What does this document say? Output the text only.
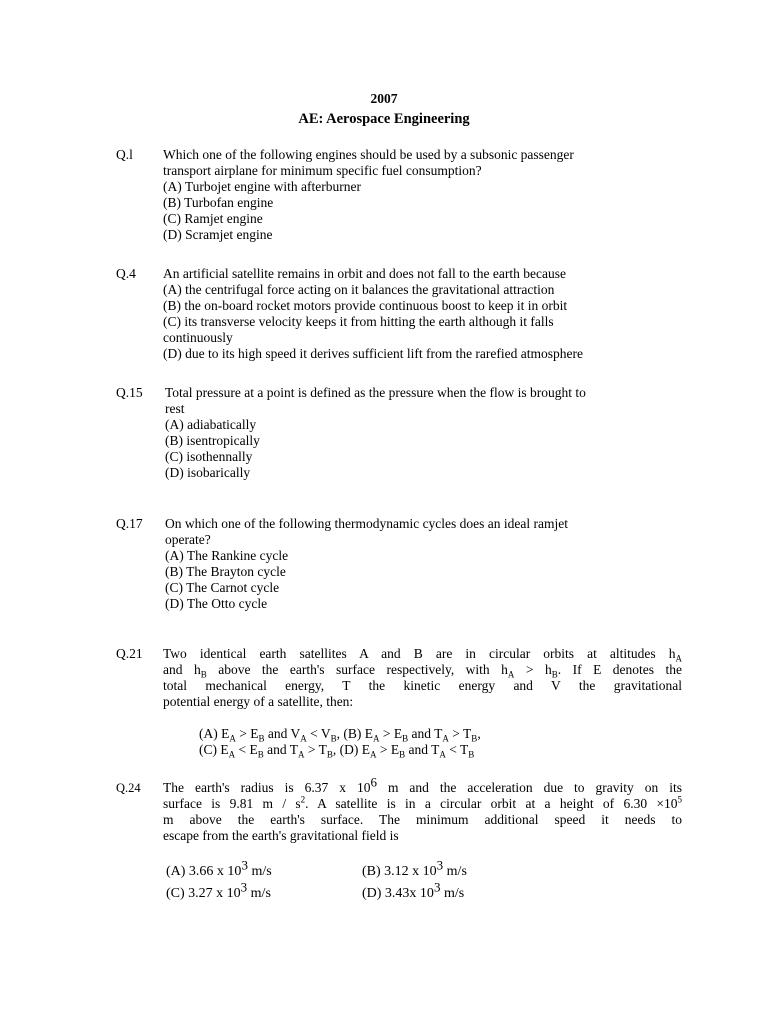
2007
AE: Aerospace Engineering
Q.l Which one of the following engines should be used by a subsonic passenger
transport airplane for minimum specific fuel consumption?
(A) Turbojet engine with afterburner
(B) Turbofan engine
(C) Ramjet engine
(D) Scramjet engine
Q.4 An artificial satellite remains in orbit and does not fall to the earth because
(A) the centrifugal force acting on it balances the gravitational attraction
(B) the on-board rocket motors provide continuous boost to keep it in orbit
(C) its transverse velocity keeps it from hitting the earth although it falls
continuously
(D) due to its high speed it derives sufficient lift from the rarefied atmosphere
Q.15 Total pressure at a point is defined as the pressure when the flow is brought to
rest
(A) adiabatically
(B) isentropically
(C) isothennally
(D) isobarically
Q.17 On which one of the following thermodynamic cycles does an ideal ramjet
operate?
(A) The Rankine cycle
(B) The Brayton cycle
(C) The Carnot cycle
(D) The Otto cycle
Q.21 Two identical earth satellites A and B are in circular orbits at altitudes $h_A$
and $h_B$ above the earth's surface respectively, with $h_A > h_B$. If E denotes the
total mechanical energy, T the kinetic energy and V the gravitational
potential energy of a satellite, then:
(A) $E_A > E_B$ and $V_A < V_B$, (B) $E_A > E_B$ and $T_A > T_B$,
(C) $E_A < E_B$ and $T_A > T_B$, (D) $E_A > E_B$ and $T_A < T_B$
Q.24 The earth's radius is 6.37 x $10^6$ m and the acceleration due to gravity on its
surface is 9.81 m / $s^2$. A satellite is in a circular orbit at a height of $6.30 \times 10^5$
m above the earth's surface. The minimum additional speed it needs to
escape from the earth's gravitational field is
(A) 3.66 x $10^3$ m/s	(B) 3.12 x $10^3$ m/s
(C) 3.27 x $10^3$ m/s	(D) 3.43x $10^3$ m/s
